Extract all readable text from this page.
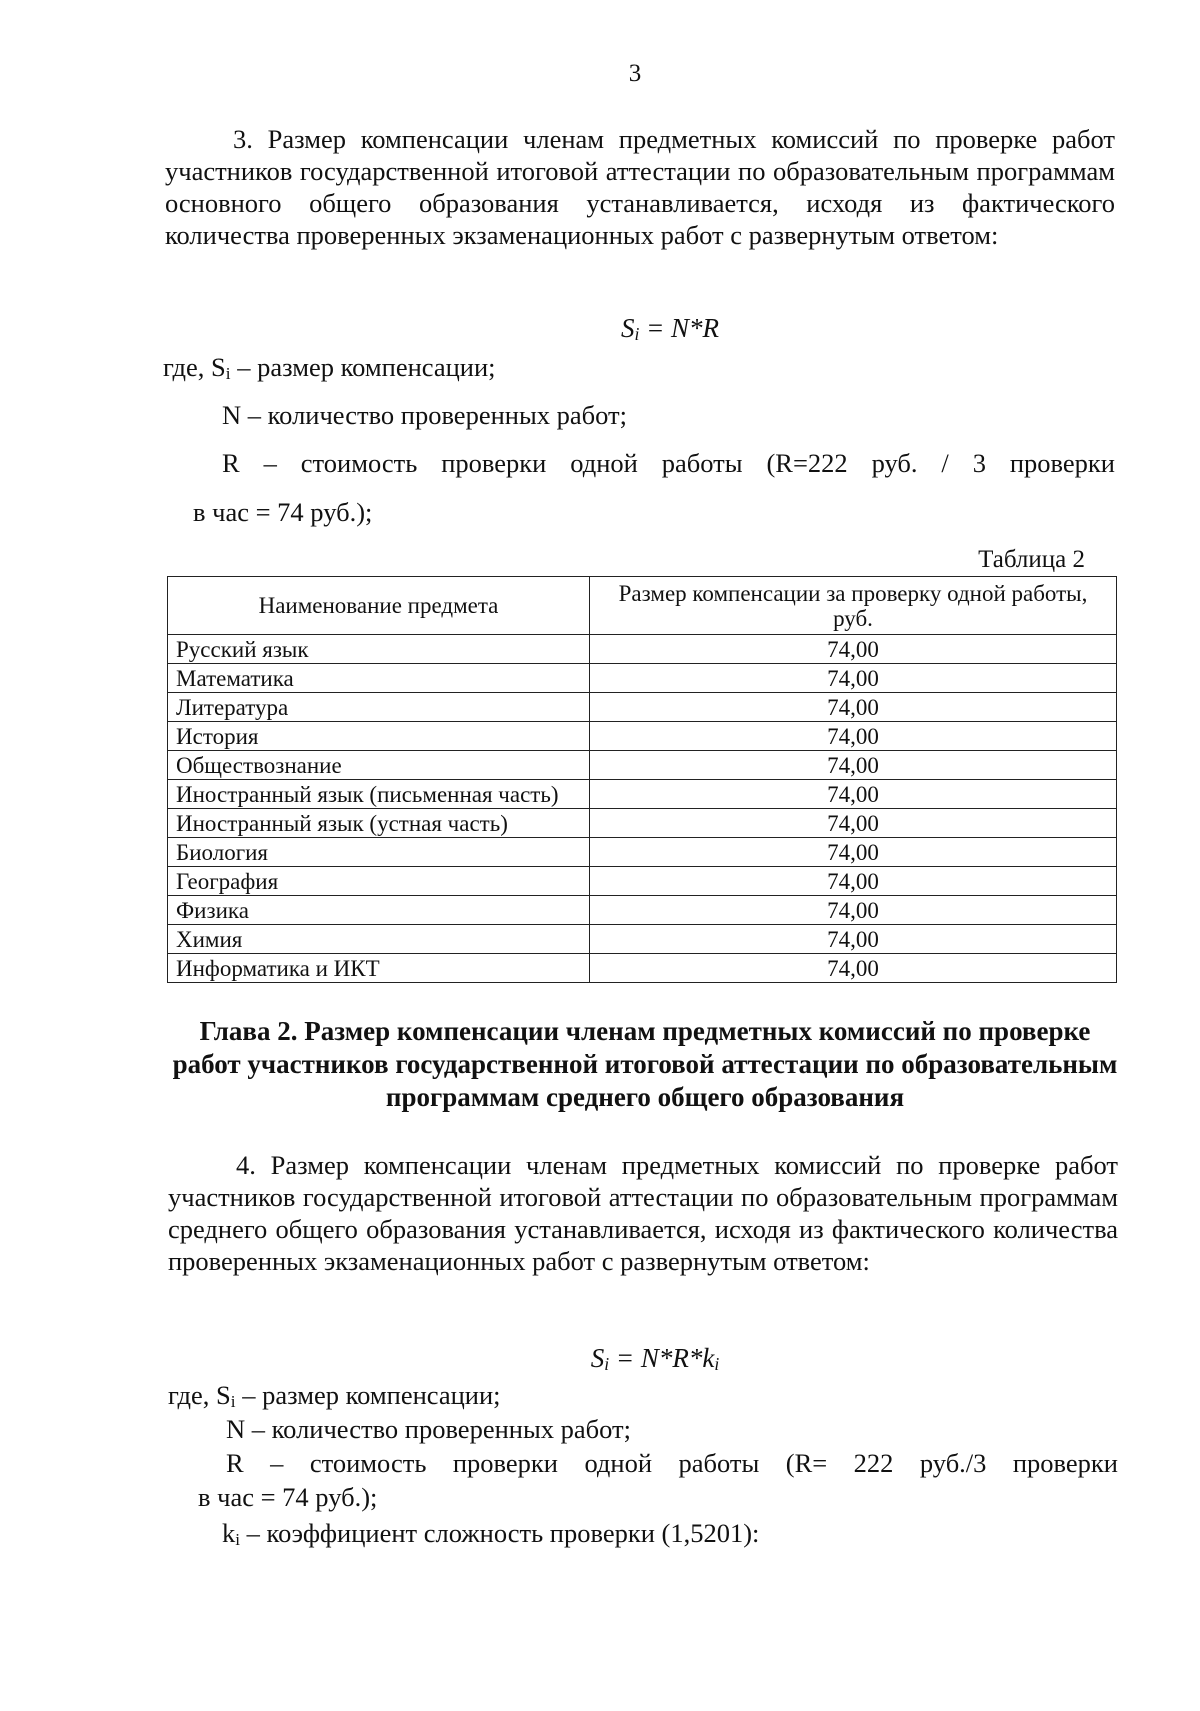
3

3. Размер компенсации членам предметных комиссий по проверке работ участников государственной итоговой аттестации по образовательным программам основного общего образования устанавливается, исходя из фактического количества проверенных экзаменационных работ с развернутым ответом:

$S_i = N*R$
где, $S_i$ – размер компенсации;
N – количество проверенных работ;
R – стоимость проверки одной работы (R=222 руб. / 3 проверки
в час = 74 руб.);
Таблица 2
Наименование предмета	Размер компенсации за проверку одной работы, руб.
Русский язык	74,00
Математика	74,00
Литература	74,00
История	74,00
Обществознание	74,00
Иностранный язык (письменная часть)	74,00
Иностранный язык (устная часть)	74,00
Биология	74,00
География	74,00
Физика	74,00
Химия	74,00
Информатика и ИКТ	74,00
Глава 2. Размер компенсации членам предметных комиссий по проверке работ участников государственной итоговой аттестации по образовательным программам среднего общего образования

4. Размер компенсации членам предметных комиссий по проверке работ участников государственной итоговой аттестации по образовательным программам среднего общего образования устанавливается, исходя из фактического количества проверенных экзаменационных работ с развернутым ответом:

$S_i = N*R*k_i$
где, $S_i$ – размер компенсации;
N – количество проверенных работ;
R – стоимость проверки одной работы (R= 222 руб./3 проверки
в час = 74 руб.);
$k_i$ – коэффициент сложность проверки (1,5201):
